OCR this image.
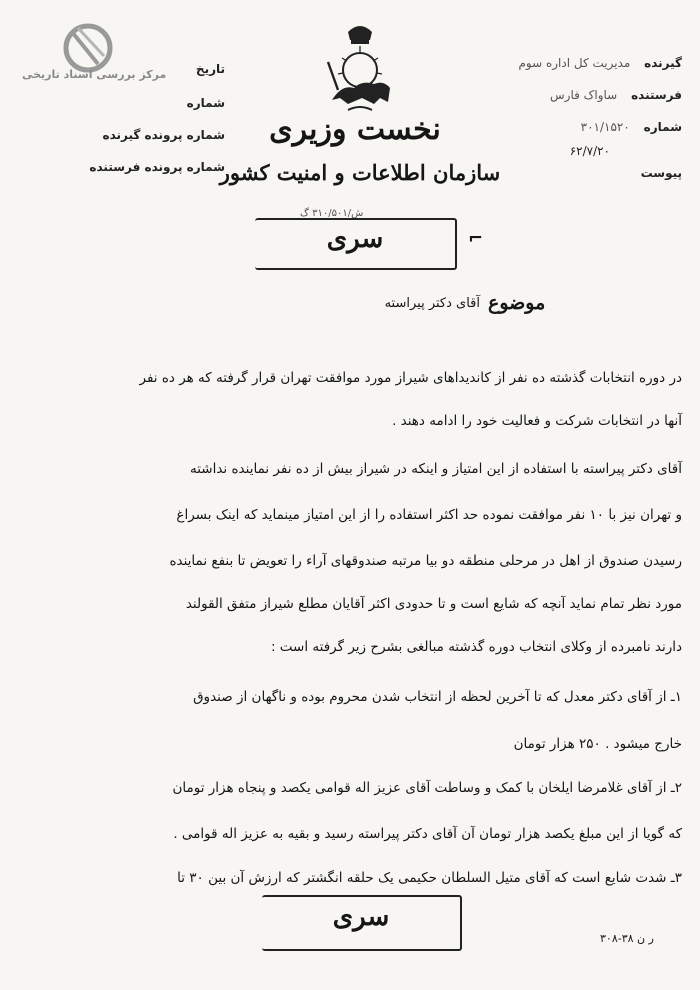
مرکز بررسی اسناد تاریخی تاریخ
شماره
شماره پرونده گیرنده
شماره پرونده فرستنده
گیرنده مدیریت کل اداره سوم
فرستنده ساواک فارس
شماره ۳۰۱/۱۵۲۰
۶۲/۷/۲۰
پیوست
نخست وزیری
سازمان اطلاعات و امنیت کشور
ش/۳۱۰/۵۰۱ گ
سری	⌐
موضوع
آقای دکتر پیراسته
در دوره انتخابات گذشته ده نفر از کاندیداهای شیراز مورد موافقت تهران قرار گرفته که هر ده نفر
آنها در انتخابات شرکت و فعالیت خود را ادامه دهند .
آقای دکتر پیراسته با استفاده از این امتیاز و اینکه در شیراز بیش از ده نفر نماینده نداشته
و تهران نیز با ۱۰ نفر موافقت نموده حد اکثر استفاده را از این امتیاز مینماید که اینک بسراغ
رسیدن صندوق از اهل در مرحلی منطقه دو بیا مرتبه صندوقهای آراء را تعویض تا بنفع نماینده
مورد نظر تمام نماید آنچه که شایع است و تا حدودی اکثر آقایان مطلع شیراز متفق القولند
دارند نامبرده از وکلای انتخاب دوره گذشته مبالغی بشرح زیر گرفته است :
۱ـ از آقای دکتر معدل که تا آخرین لحظه از انتخاب شدن محروم بوده و ناگهان از صندوق
خارج میشود . ۲۵۰ هزار تومان
۲ـ از آقای غلامرضا ایلخان با کمک و وساطت آقای عزیز اله قوامی یکصد و پنجاه هزار تومان
که گویا از این مبلغ یکصد هزار تومان آن آقای دکتر پیراسته رسید و بقیه به عزیز اله قوامی .
۳ـ شدت شایع است که آقای متیل السلطان حکیمی یک حلقه انگشتر که ارزش آن بین ۳۰ تا
سری
۳۰۸-۳۸ ر ن
